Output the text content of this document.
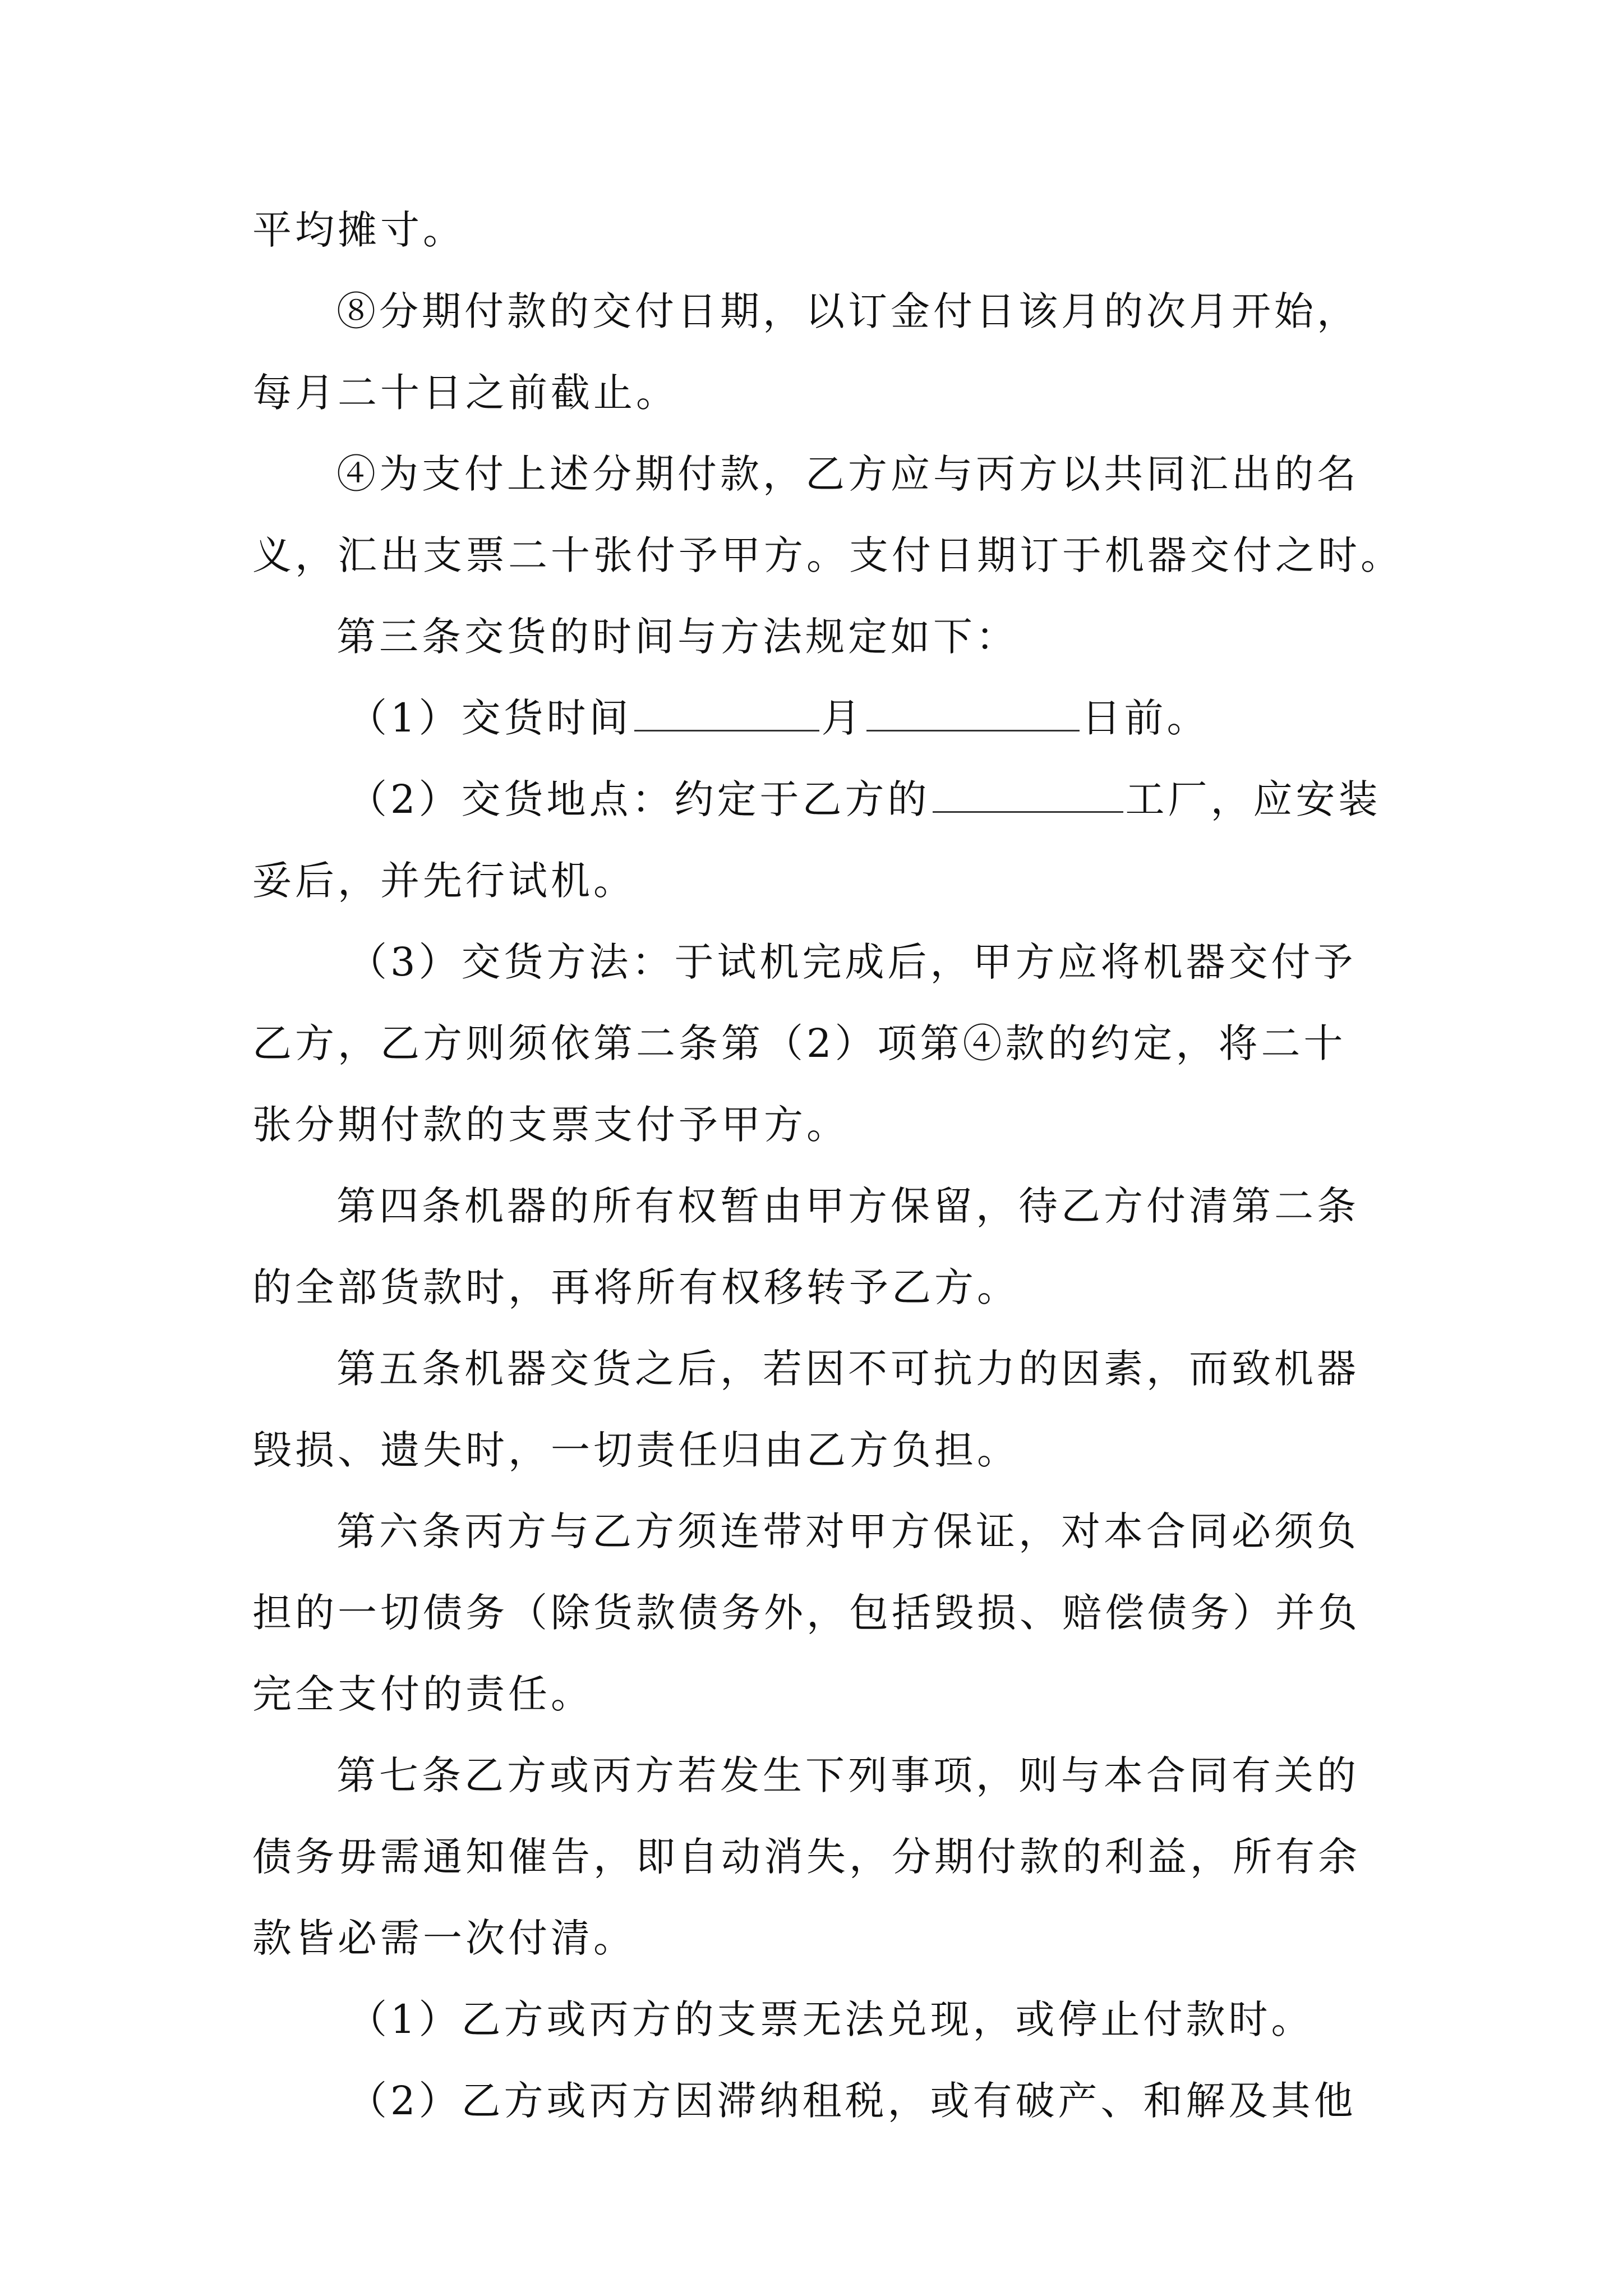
平均摊寸。
⑧分期付款的交付日期，以订金付日该月的次月开始，
每月二十日之前截止。
④为支付上述分期付款，乙方应与丙方以共同汇出的名
义，汇出支票二十张付予甲方。支付日期订于机器交付之时。
第三条交货的时间与方法规定如下：
（1）交货时间	月	日前。
（2）交货地点：约定于乙方的	工厂，应安装
妥后，并先行试机。
（3）交货方法：于试机完成后，甲方应将机器交付予
乙方，乙方则须依第二条第（2）项第④款的约定，将二十
张分期付款的支票支付予甲方。
第四条机器的所有权暂由甲方保留，待乙方付清第二条
的全部货款时，再将所有权移转予乙方。
第五条机器交货之后，若因不可抗力的因素，而致机器
毁损、遗失时，一切责任归由乙方负担。
第六条丙方与乙方须连带对甲方保证，对本合同必须负
担的一切债务（除货款债务外，包括毁损、赔偿债务）并负
完全支付的责任。
第七条乙方或丙方若发生下列事项，则与本合同有关的
债务毋需通知催告，即自动消失，分期付款的利益，所有余
款皆必需一次付清。
（1）乙方或丙方的支票无法兑现，或停止付款时。
（2）乙方或丙方因滞纳租税，或有破产、和解及其他
